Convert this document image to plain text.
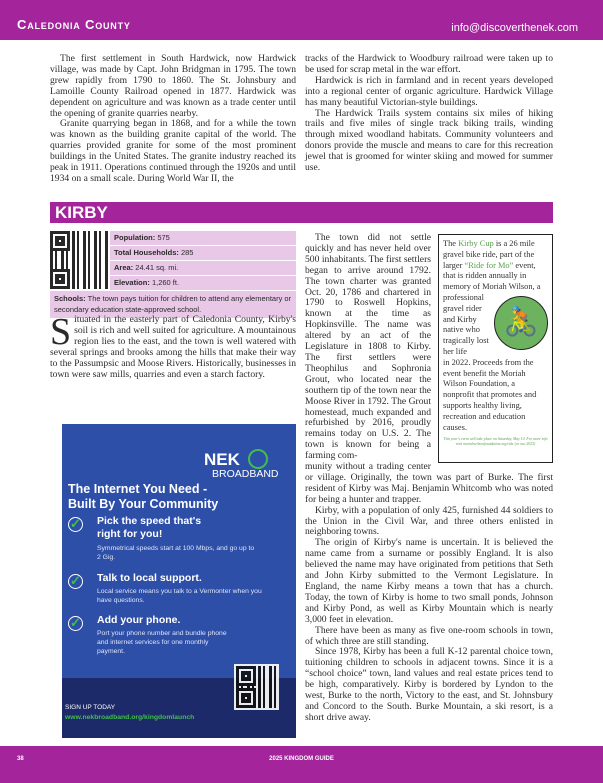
Caledonia County	info@discoverthenek.com

The first settlement in South Hardwick, now Hardwick village, was made by Capt. John Bridgman in 1795. The town grew rapidly from 1790 to 1860. The St. Johnsbury and Lamoille County Railroad opened in 1877. Hardwick was dependent on agriculture and was known as a trade center until the opening of granite quarries nearby.

Granite quarrying began in 1868, and for a while the town was known as the building granite capital of the world. The quarries provided granite for some of the most prominent buildings in the United States. The granite industry reached its peak in 1911. Operations continued through the 1920s and until 1934 on a small scale. During World War II, the

tracks of the Hardwick to Woodbury railroad were taken up to be used for scrap metal in the war effort.

Hardwick is rich in farmland and in recent years developed into a regional center of organic agriculture. Hardwick Village has many beautiful Victorian-style buildings.

The Hardwick Trails system contains six miles of hiking trails and five miles of single track biking trails, winding through mixed woodland habitats. Community volunteers and donors provide the muscle and means to care for this recreation jewel that is groomed for winter skiing and mowed for summer use.

KIRBY
Population: 575
Total Households: 285
Area: 24.41 sq. mi.
Elevation: 1,260 ft.
Schools: The town pays tuition for children to attend any elementary or secondary education state-approved school.
Situated in the easterly part of Caledonia County, Kirby's soil is rich and well suited for agriculture. A mountainous region lies to the east, and the town is well watered with several springs and brooks among the hills that make their way to the Passumpsic and Moose Rivers. Historically, businesses in town were saw mills, quarries and even a starch factory.
🚴
The Kirby Cup is a 26 mile gravel bike ride, part of the larger “Ride for Mo” event, that is ridden annually in memory of Moriah Wilson, a professional gravel rider and Kirby native who tragically lost her life
in 2022. Proceeds from the event benefit the Moriah Wilson Foundation, a nonprofit that promotes and supports healthy living, recreation and education causes.
This year's event will take place on Saturday, May 10. For more info visit moriahwilsonfoundation.org/ride (or our 2025)

The town did not settle quickly and has never held over 500 inhabitants. The first settlers began to arrive around 1792. The town charter was granted Oct. 20, 1786 and chartered in 1790 to Roswell Hopkins, known at the time as Hopkinsville. The name was altered by an act of the Legislature in 1808 to Kirby. The first settlers were Theophilus and Sophronia Grout, who located near the southern tip of the town near the Moose River in 1792. The Grout homestead, much expanded and refurbished by 2016, proudly remains today on U.S. 2. The town is known for being a farming com-

munity without a trading center or village. Originally, the town was part of Burke. The first resident of Kirby was Maj. Benjamin Whitcomb who was noted for being a hunter and trapper.

Kirby, with a population of only 425, furnished 44 soldiers to the Union in the Civil War, and three others enlisted in neighboring towns.

The origin of Kirby's name is uncertain. It is believed the name came from a surname or possibly England. It is also believed the name may have originated from petitions that Seth and John Kirby submitted to the Vermont Legislature. In England, the name Kirby means a town that has a church. Today, the town of Kirby is home to two small ponds, Johnson and Kirby Pond, as well as Kirby Mountain which is nearly 3,000 feet in elevation.

There have been as many as five one-room schools in town, of which three are still standing.

Since 1978, Kirby has been a full K-12 parental choice town, tuitioning children to schools in adjacent towns. Since it is a “school choice” town, land values and real estate prices tend to be high, comparatively. Kirby is bordered by Lyndon to the west, Burke to the north, Victory to the east, and St. Johnsbury and Concord to the South. Burke Mountain, a ski resort, is a short drive away.

NEK
BROADBAND
The Internet You Need -
Built By Your Community
✓ Pick the speed that's
right for you!
Symmetrical speeds start at 100 Mbps, and go up to 2 Gig.
✓ Talk to local support.
Local service means you talk to a Vermonter when you have questions.
✓ Add your phone.
Port your phone number and bundle phone and internet services for one monthly payment.
SIGN UP TODAY
www.nekbroadband.org/kingdomlaunch
38	2025 KINGDOM GUIDE
